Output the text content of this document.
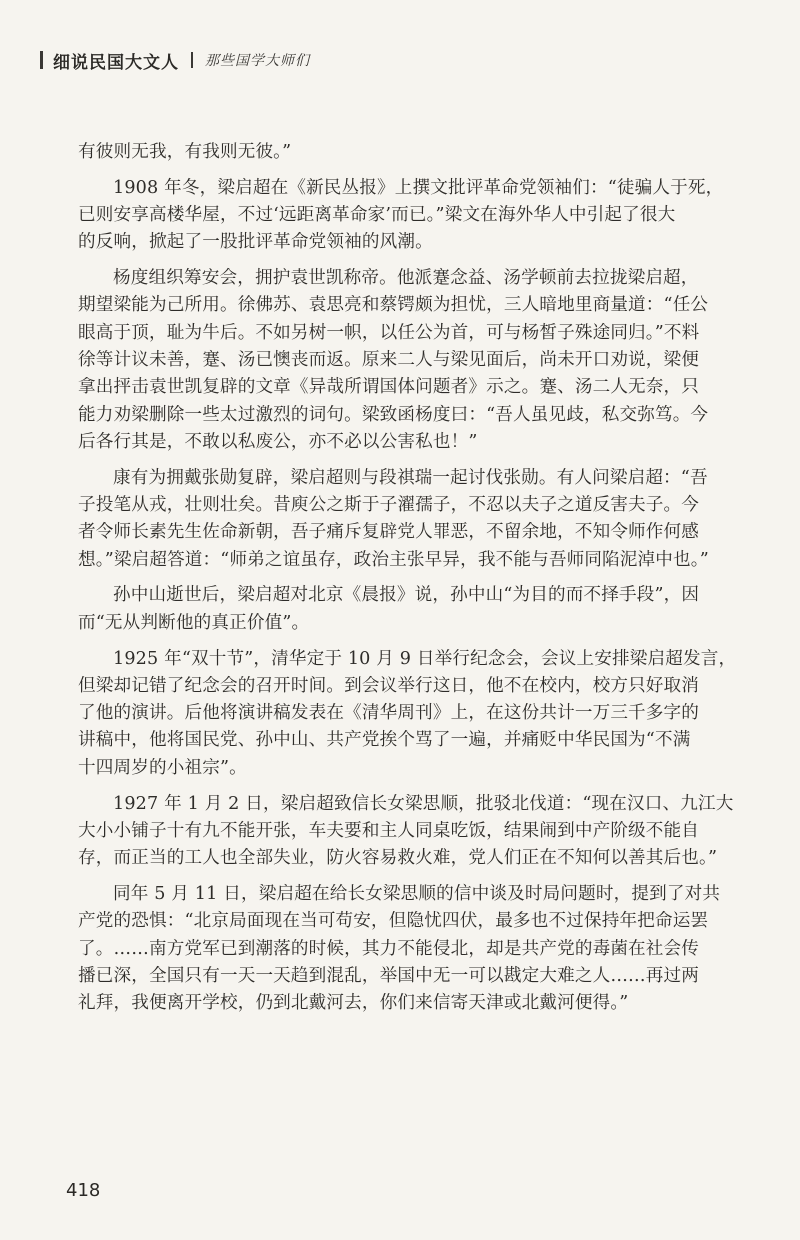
细说民国大文人 那些国学大师们
有彼则无我，有我则无彼。”
1908 年冬，梁启超在《新民丛报》上撰文批评革命党领袖们：“徒骗人于死，
已则安享高楼华屋，不过‘远距离革命家’而已。”梁文在海外华人中引起了很大
的反响，掀起了一股批评革命党领袖的风潮。
杨度组织筹安会，拥护袁世凯称帝。他派蹇念益、汤学顿前去拉拢梁启超，
期望梁能为己所用。徐佛苏、袁思亮和蔡锷颇为担忧，三人暗地里商量道：“任公
眼高于顶，耻为牛后。不如另树一帜，以任公为首，可与杨皙子殊途同归。”不料
徐等计议未善，蹇、汤已懊丧而返。原来二人与梁见面后，尚未开口劝说，梁便
拿出抨击袁世凯复辟的文章《异哉所谓国体问题者》示之。蹇、汤二人无奈，只
能力劝梁删除一些太过激烈的词句。梁致函杨度曰：“吾人虽见歧，私交弥笃。今
后各行其是，不敢以私废公，亦不必以公害私也！”
康有为拥戴张勋复辟，梁启超则与段祺瑞一起讨伐张勋。有人问梁启超：“吾
子投笔从戎，壮则壮矣。昔庾公之斯于子濯孺子，不忍以夫子之道反害夫子。今
者令师长素先生佐命新朝，吾子痛斥复辟党人罪恶，不留余地，不知令师作何感
想。”梁启超答道：“师弟之谊虽存，政治主张早异，我不能与吾师同陷泥淖中也。”
孙中山逝世后，梁启超对北京《晨报》说，孙中山“为目的而不择手段”，因
而“无从判断他的真正价值”。
1925 年“双十节”，清华定于 10 月 9 日举行纪念会，会议上安排梁启超发言，
但梁却记错了纪念会的召开时间。到会议举行这日，他不在校内，校方只好取消
了他的演讲。后他将演讲稿发表在《清华周刊》上，在这份共计一万三千多字的
讲稿中，他将国民党、孙中山、共产党挨个骂了一遍，并痛贬中华民国为“不满
十四周岁的小祖宗”。
1927 年 1 月 2 日，梁启超致信长女梁思顺，批驳北伐道：“现在汉口、九江大
大小小铺子十有九不能开张，车夫要和主人同桌吃饭，结果闹到中产阶级不能自
存，而正当的工人也全部失业，防火容易救火难，党人们正在不知何以善其后也。”
同年 5 月 11 日，梁启超在给长女梁思顺的信中谈及时局问题时，提到了对共
产党的恐惧：“北京局面现在当可苟安，但隐忧四伏，最多也不过保持年把命运罢
了。……南方党军已到潮落的时候，其力不能侵北，却是共产党的毒菌在社会传
播已深，全国只有一天一天趋到混乱，举国中无一可以戡定大难之人……再过两
礼拜，我便离开学校，仍到北戴河去，你们来信寄天津或北戴河便得。”
418
